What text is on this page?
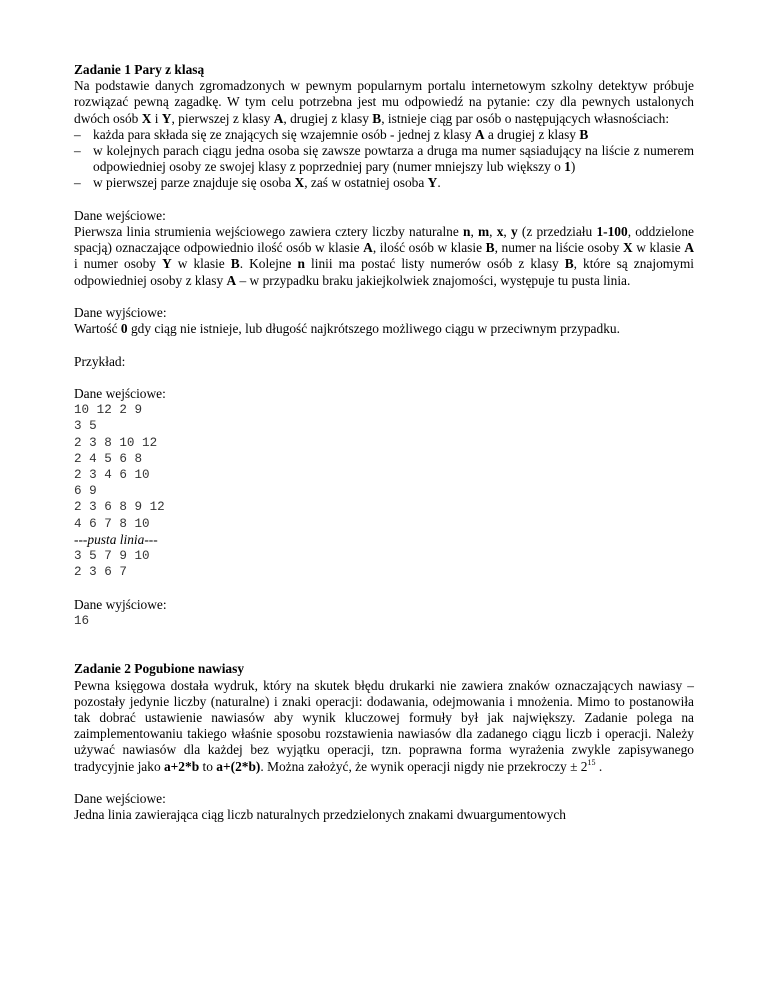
Zadanie 1 Pary z klasą

Na podstawie danych zgromadzonych w pewnym popularnym portalu internetowym szkolny detektyw próbuje rozwiązać pewną zagadkę. W tym celu potrzebna jest mu odpowiedź na pytanie: czy dla pewnych ustalonych dwóch osób X i Y, pierwszej z klasy A, drugiej z klasy B, istnieje ciąg par osób o następujących własnościach:

– każda para składa się ze znających się wzajemnie osób - jednej z klasy A a drugiej z klasy B
– w kolejnych parach ciągu jedna osoba się zawsze powtarza a druga ma numer sąsiadujący na liście z numerem odpowiedniej osoby ze swojej klasy z poprzedniej pary (numer mniejszy lub większy o 1)
– w pierwszej parze znajduje się osoba X, zaś w ostatniej osoba Y.

Dane wejściowe:

Pierwsza linia strumienia wejściowego zawiera cztery liczby naturalne n, m, x, y (z przedziału 1-100, oddzielone spacją) oznaczające odpowiednio ilość osób w klasie A, ilość osób w klasie B, numer na liście osoby X w klasie A i numer osoby Y w klasie B. Kolejne n linii ma postać listy numerów osób z klasy B, które są znajomymi odpowiedniej osoby z klasy A – w przypadku braku jakiejkolwiek znajomości, występuje tu pusta linia.

Dane wyjściowe:

Wartość 0 gdy ciąg nie istnieje, lub długość najkrótszego możliwego ciągu w przeciwnym przypadku.

Przykład:

Dane wejściowe:

10 12 2 9

3 5

2 3 8 10 12

2 4 5 6 8

2 3 4 6 10

6 9

2 3 6 8 9 12

4 6 7 8 10

---pusta linia---

3 5 7 9 10

2 3 6 7

Dane wyjściowe:

16

Zadanie 2 Pogubione nawiasy

Pewna księgowa dostała wydruk, który na skutek błędu drukarki nie zawiera znaków oznaczających nawiasy – pozostały jedynie liczby (naturalne) i znaki operacji: dodawania, odejmowania i mnożenia. Mimo to postanowiła tak dobrać ustawienie nawiasów aby wynik kluczowej formuły był jak największy. Zadanie polega na zaimplementowaniu takiego właśnie sposobu rozstawienia nawiasów dla zadanego ciągu liczb i operacji. Należy używać nawiasów dla każdej bez wyjątku operacji, tzn. poprawna forma wyrażenia zwykle zapisywanego tradycyjnie jako a+2*b to a+(2*b). Można założyć, że wynik operacji nigdy nie przekroczy ± $2^{15}$ .

Dane wejściowe:

Jedna linia zawierająca ciąg liczb naturalnych przedzielonych znakami dwuargumentowych
